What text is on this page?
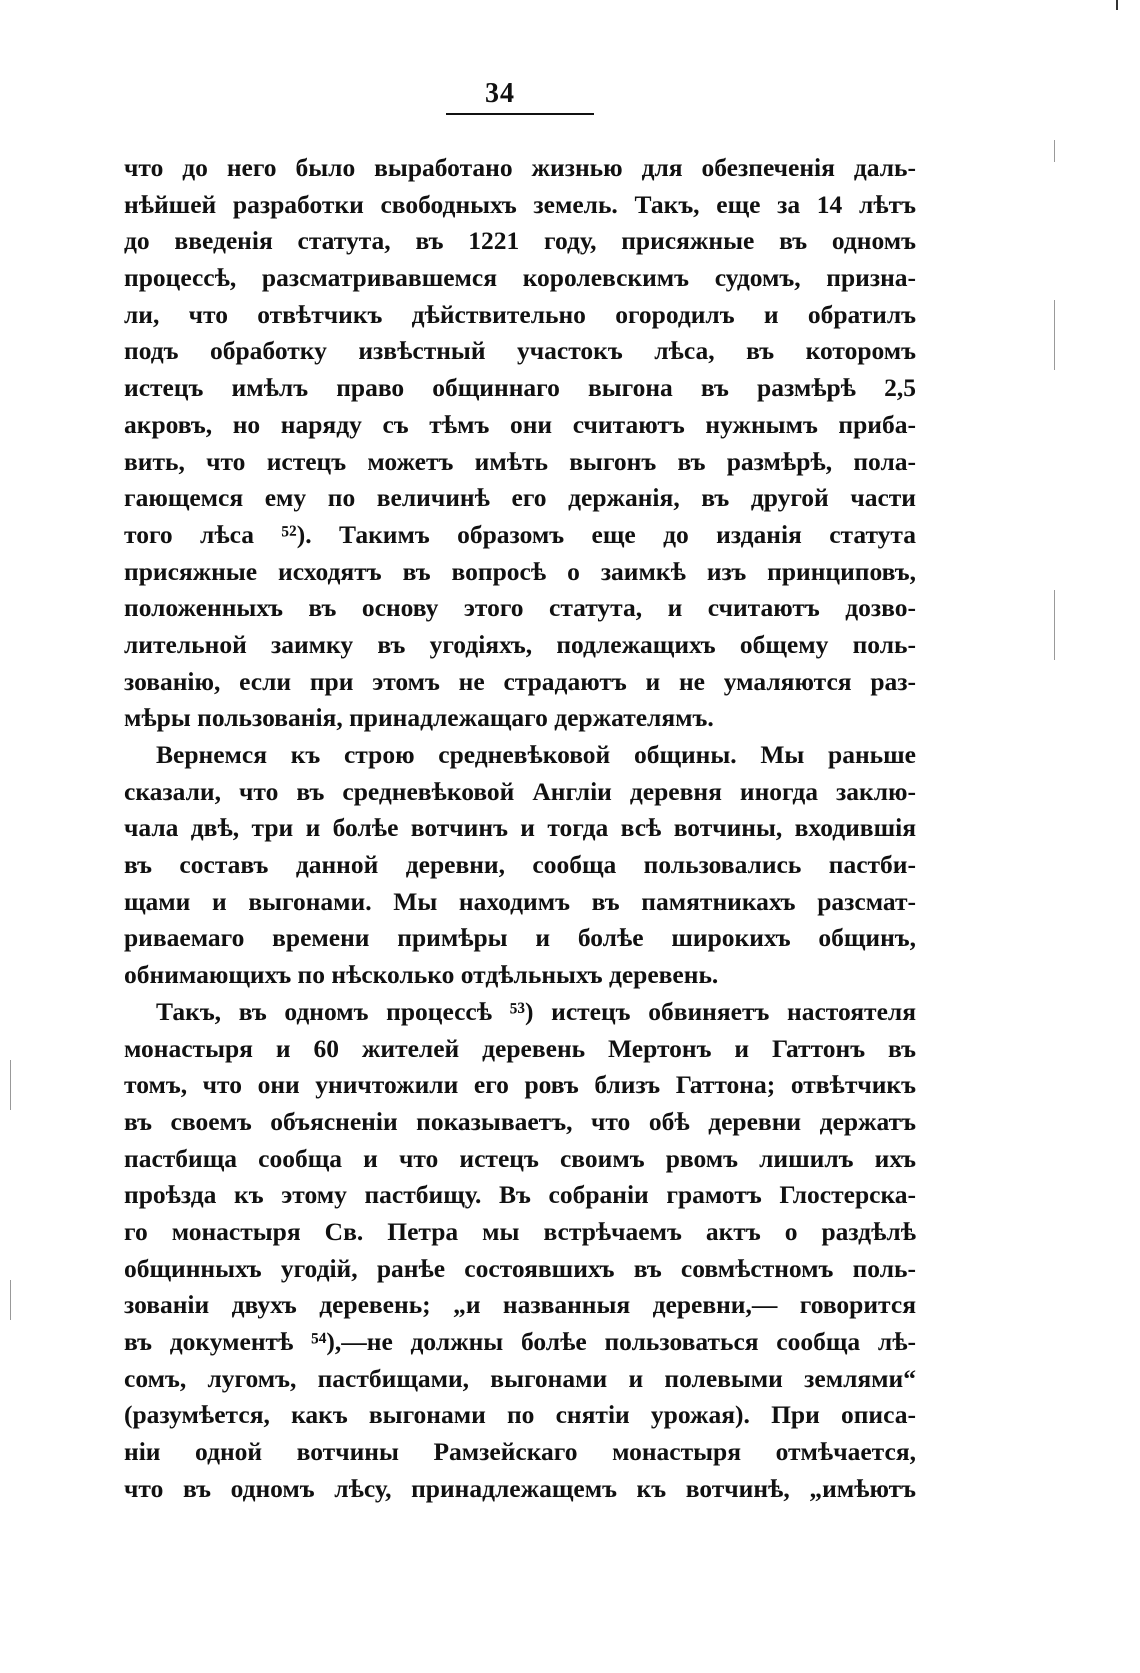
34
что до него было выработано жизнью для обезпеченія даль-
нѣйшей разработки свободныхъ земель. Такъ, еще за 14 лѣтъ
до введенія статута, въ 1221 году, присяжные въ одномъ
процессѣ, разсматривавшемся королевскимъ судомъ, призна-
ли, что отвѣтчикъ дѣйствительно огородилъ и обратилъ
подъ обработку извѣстный участокъ лѣса, въ которомъ
истецъ имѣлъ право общиннаго выгона въ размѣрѣ 2,5
акровъ, но наряду съ тѣмъ они считаютъ нужнымъ приба-
вить, что истецъ можетъ имѣть выгонъ въ размѣрѣ, пола-
гающемся ему по величинѣ его держанія, въ другой части
того лѣса ⁵²). Такимъ образомъ еще до изданія статута
присяжные исходятъ въ вопросѣ о заимкѣ изъ принциповъ,
положенныхъ въ основу этого статута, и считаютъ дозво-
лительной заимку въ угодіяхъ, подлежащихъ общему поль-
зованію, если при этомъ не страдаютъ и не умаляются раз-
мѣры пользованія, принадлежащаго держателямъ.
Вернемся къ строю средневѣковой общины. Мы раньше
сказали, что въ средневѣковой Англіи деревня иногда заклю-
чала двѣ, три и болѣе вотчинъ и тогда всѣ вотчины, входившія
въ составъ данной деревни, сообща пользовались пастби-
щами и выгонами. Мы находимъ въ памятникахъ разсмат-
риваемаго времени примѣры и болѣе широкихъ общинъ,
обнимающихъ по нѣсколько отдѣльныхъ деревень.
Такъ, въ одномъ процессѣ ⁵³) истецъ обвиняетъ настоятеля
монастыря и 60 жителей деревень Мертонъ и Гаттонъ въ
томъ, что они уничтожили его ровъ близъ Гаттона; отвѣтчикъ
въ своемъ объясненіи показываетъ, что обѣ деревни держатъ
пастбища сообща и что истецъ своимъ рвомъ лишилъ ихъ
проѣзда къ этому пастбищу. Въ собраніи грамотъ Глостерска-
го монастыря Св. Петра мы встрѣчаемъ актъ о раздѣлѣ
общинныхъ угодій, ранѣе состоявшихъ въ совмѣстномъ поль-
зованіи двухъ деревень; „и названныя деревни,— говорится
въ документѣ ⁵⁴),—не должны болѣе пользоваться сообща лѣ-
сомъ, лугомъ, пастбищами, выгонами и полевыми землями“
(разумѣется, какъ выгонами по снятіи урожая). При описа-
ніи одной вотчины Рамзейскаго монастыря отмѣчается,
что въ одномъ лѣсу, принадлежащемъ къ вотчинѣ, „имѣютъ
